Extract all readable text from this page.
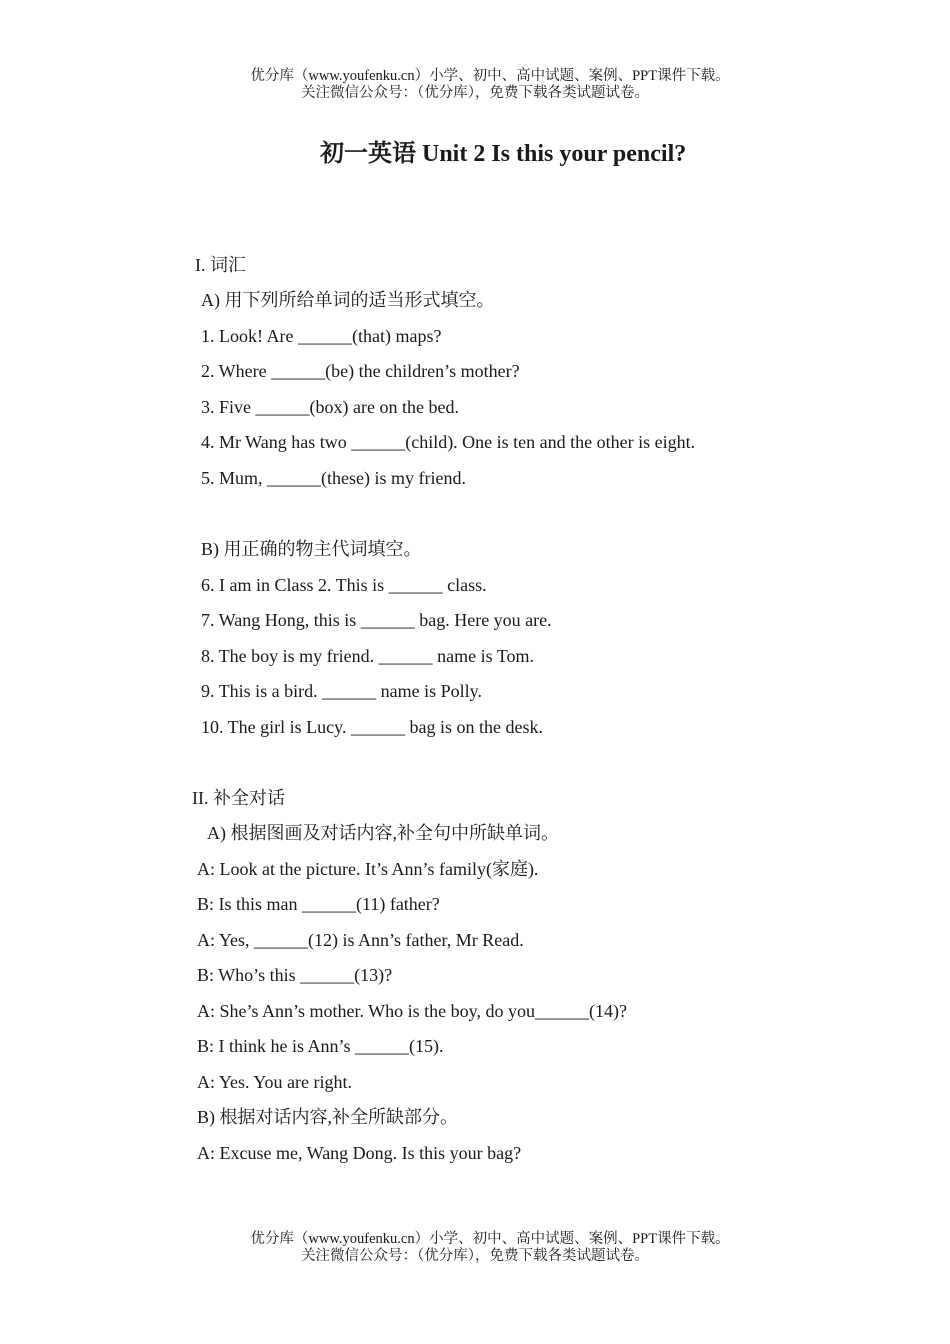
优分库（www.youfenku.cn）小学、初中、高中试题、案例、PPT课件下载。
关注微信公众号：（优分库），免费下载各类试题试卷。
初一英语 Unit 2 Is this your pencil?
I. 词汇
A) 用下列所给单词的适当形式填空。
1. Look! Are ______(that) maps?
2. Where ______(be) the children’s mother?
3. Five ______(box) are on the bed.
4. Mr Wang has two ______(child). One is ten and the other is eight.
5. Mum, ______(these) is my friend.
B) 用正确的物主代词填空。
6. I am in Class 2. This is ______ class.
7. Wang Hong, this is ______ bag. Here you are.
8. The boy is my friend. ______ name is Tom.
9. This is a bird. ______ name is Polly.
10. The girl is Lucy. ______ bag is on the desk.
II. 补全对话
A) 根据图画及对话内容,补全句中所缺单词。
A: Look at the picture. It’s Ann’s family(家庭).
B: Is this man ______(11) father?
A: Yes, ______(12) is Ann’s father, Mr Read.
B: Who’s this ______(13)?
A: She’s Ann’s mother. Who is the boy, do you______(14)?
B: I think he is Ann’s ______(15).
A: Yes. You are right.
B) 根据对话内容,补全所缺部分。
A: Excuse me, Wang Dong. Is this your bag?
优分库（www.youfenku.cn）小学、初中、高中试题、案例、PPT课件下载。
关注微信公众号：（优分库），免费下载各类试题试卷。
